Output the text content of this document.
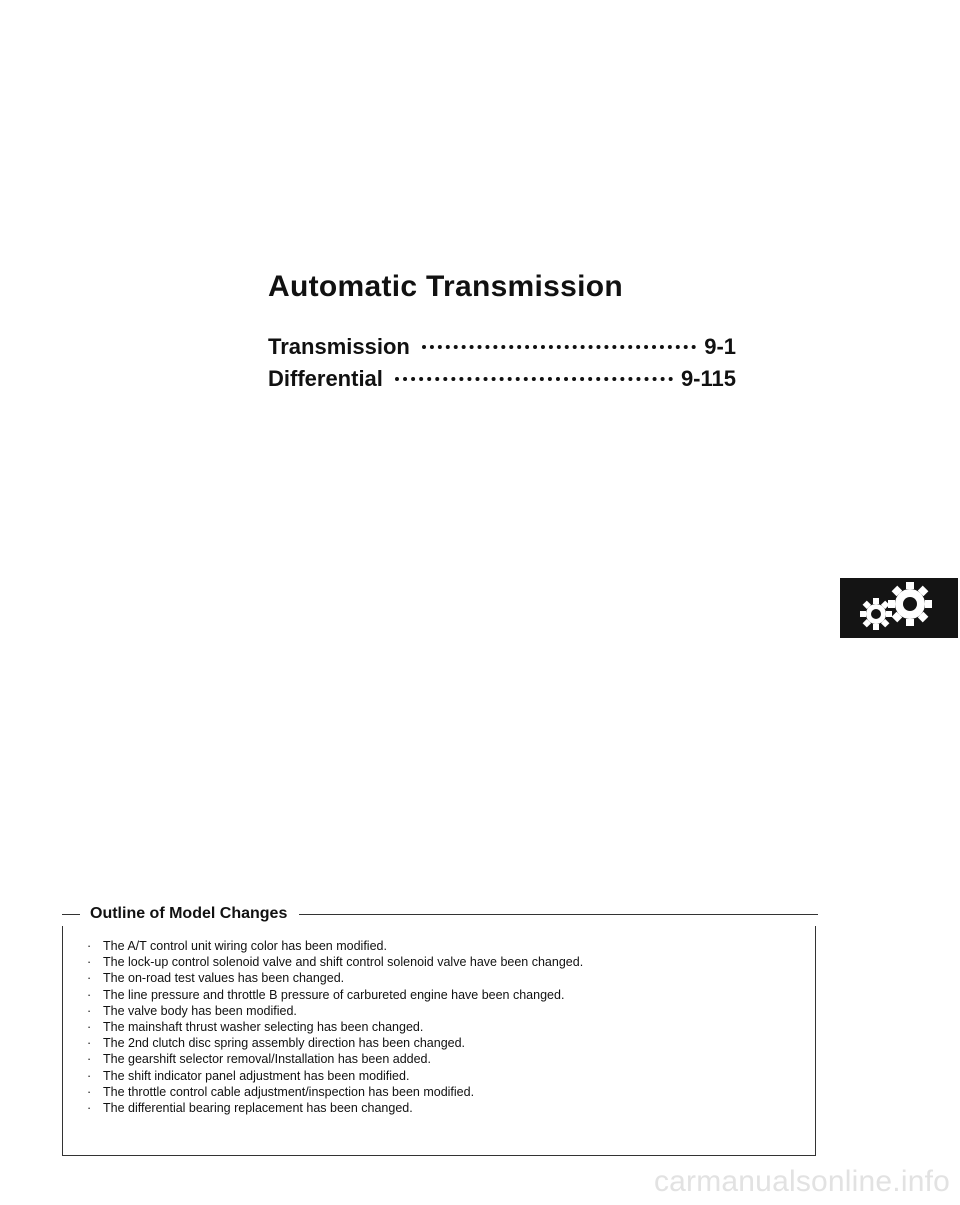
Automatic Transmission
Transmission	9-1
Differential	9-115
Outline of Model Changes
· The A/T control unit wiring color has been modified.
· The lock-up control solenoid valve and shift control solenoid valve have been changed.
· The on-road test values has been changed.
· The line pressure and throttle B pressure of carbureted engine have been changed.
· The valve body has been modified.
· The mainshaft thrust washer selecting has been changed.
· The 2nd clutch disc spring assembly direction has been changed.
· The gearshift selector removal/Installation has been added.
· The shift indicator panel adjustment has been modified.
· The throttle control cable adjustment/inspection has been modified.
· The differential bearing replacement has been changed.
carmanualsonline.info
